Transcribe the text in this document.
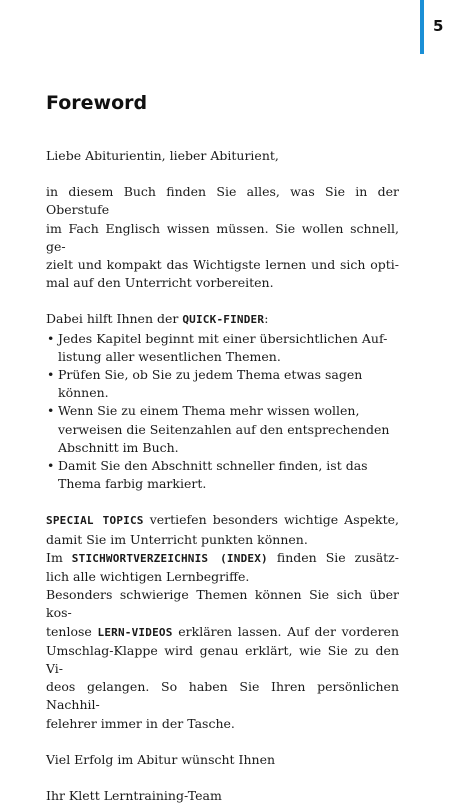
5
Foreword

Liebe Abiturientin, lieber Abiturient,

in diesem Buch finden Sie alles, was Sie in der Oberstufe
im Fach Englisch wissen müssen. Sie wollen schnell, ge-
zielt und kompakt das Wichtigste lernen und sich opti-
mal auf den Unterricht vorbereiten.

Dabei hilft Ihnen der QUICK-FINDER:

• Jedes Kapitel beginnt mit einer übersichtlichen Auf-
listung aller wesentlichen Themen.
• Prüfen Sie, ob Sie zu jedem Thema etwas sagen können.
• Wenn Sie zu einem Thema mehr wissen wollen,
verweisen die Seitenzahlen auf den entsprechenden
Abschnitt im Buch.
• Damit Sie den Abschnitt schneller finden, ist das
Thema farbig markiert.
SPECIAL TOPICS vertiefen besonders wichtige Aspekte,
damit Sie im Unterricht punkten können.
Im STICHWORTVERZEICHNIS (INDEX) finden Sie zusätz-
lich alle wichtigen Lernbegriffe.
Besonders schwierige Themen können Sie sich über kos-
tenlose LERN-VIDEOS erklären lassen. Auf der vorderen
Umschlag-Klappe wird genau erklärt, wie Sie zu den Vi-
deos gelangen. So haben Sie Ihren persönlichen Nachhil-
felehrer immer in der Tasche.

Viel Erfolg im Abitur wünscht Ihnen

Ihr Klett Lerntraining-Team
